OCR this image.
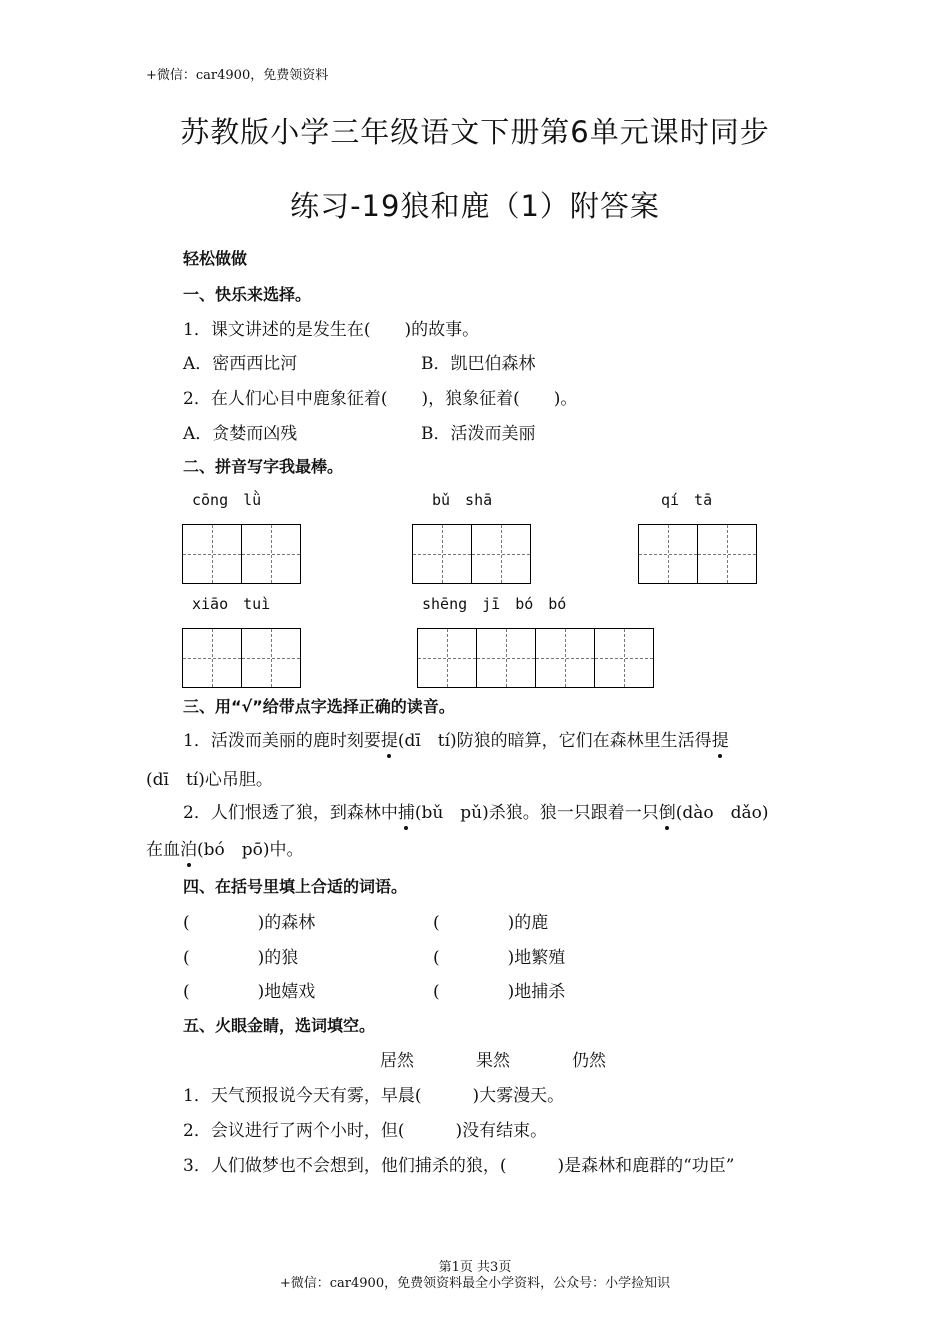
+微信：car4900，免费领资料
苏教版小学三年级语文下册第6单元课时同步
练习-19狼和鹿（1）附答案
轻松做做
一、快乐来选择。
1．课文讲述的是发生在(　　)的故事。
A．密西西比河	B．凯巴伯森林
2．在人们心目中鹿象征着(　　)，狼象征着(　　)。
A．贪婪而凶残	B．活泼而美丽
二、拼音写字我最棒。
cōng　lǜ	bǔ　shā	qí　tā
xiāo　tuì	shēng　jī　bó　bó
三、用“√”给带点字选择正确的读音。
1．活泼而美丽的鹿时刻要提(dī　tí)防狼的暗算，它们在森林里生活得提
(dī　tí)心吊胆。
2．人们恨透了狼，到森林中捕(bǔ　pǔ)杀狼。狼一只跟着一只倒(dào　dǎo)
在血泊(bó　pō)中。
四、在括号里填上合适的词语。
(　　　　)的森林	(　　　　)的鹿
(　　　　)的狼	(　　　　)地繁殖
(　　　　)地嬉戏	(　　　　)地捕杀
五、火眼金睛，选词填空。
居然	果然	仍然
1．天气预报说今天有雾，早晨(　　　)大雾漫天。
2．会议进行了两个小时，但(　　　)没有结束。
3．人们做梦也不会想到，他们捕杀的狼，(　　　)是森林和鹿群的“功臣”
第1页 共3页
+微信：car4900，免费领资料最全小学资料，公众号：小学捡知识
